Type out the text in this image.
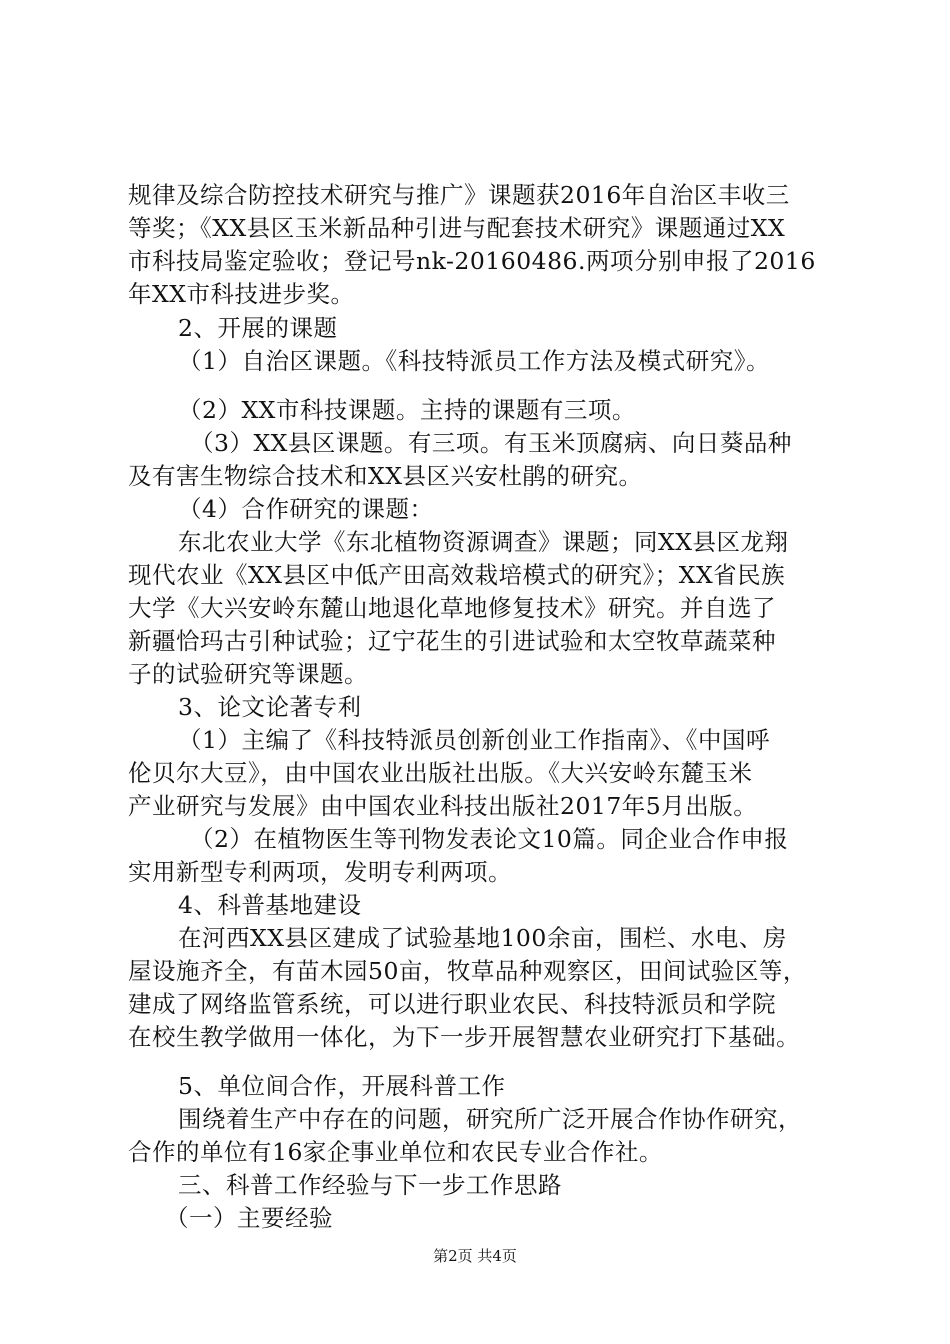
规律及综合防控技术研究与推广》课题获2016年自治区丰收三
等奖；《XX县区玉米新品种引进与配套技术研究》课题通过XX
市科技局鉴定验收；登记号nk-20160486.两项分别申报了2016
年XX市科技进步奖。
2、开展的课题
（1）自治区课题。《科技特派员工作方法及模式研究》。
（2）XX市科技课题。主持的课题有三项。
（3）XX县区课题。有三项。有玉米顶腐病、向日葵品种
及有害生物综合技术和XX县区兴安杜鹃的研究。
（4）合作研究的课题：
东北农业大学《东北植物资源调查》课题；同XX县区龙翔
现代农业《XX县区中低产田高效栽培模式的研究》；XX省民族
大学《大兴安岭东麓山地退化草地修复技术》研究。并自选了
新疆恰玛古引种试验；辽宁花生的引进试验和太空牧草蔬菜种
子的试验研究等课题。
3、论文论著专利
（1）主编了《科技特派员创新创业工作指南》、《中国呼
伦贝尔大豆》，由中国农业出版社出版。《大兴安岭东麓玉米
产业研究与发展》由中国农业科技出版社2017年5月出版。
（2）在植物医生等刊物发表论文10篇。同企业合作申报
实用新型专利两项，发明专利两项。
4、科普基地建设
在河西XX县区建成了试验基地100余亩，围栏、水电、房
屋设施齐全，有苗木园50亩，牧草品种观察区，田间试验区等，
建成了网络监管系统，可以进行职业农民、科技特派员和学院
在校生教学做用一体化，为下一步开展智慧农业研究打下基础。
5、单位间合作，开展科普工作
围绕着生产中存在的问题，研究所广泛开展合作协作研究，
合作的单位有16家企事业单位和农民专业合作社。
三、科普工作经验与下一步工作思路
（一）主要经验
第2页 共4页
